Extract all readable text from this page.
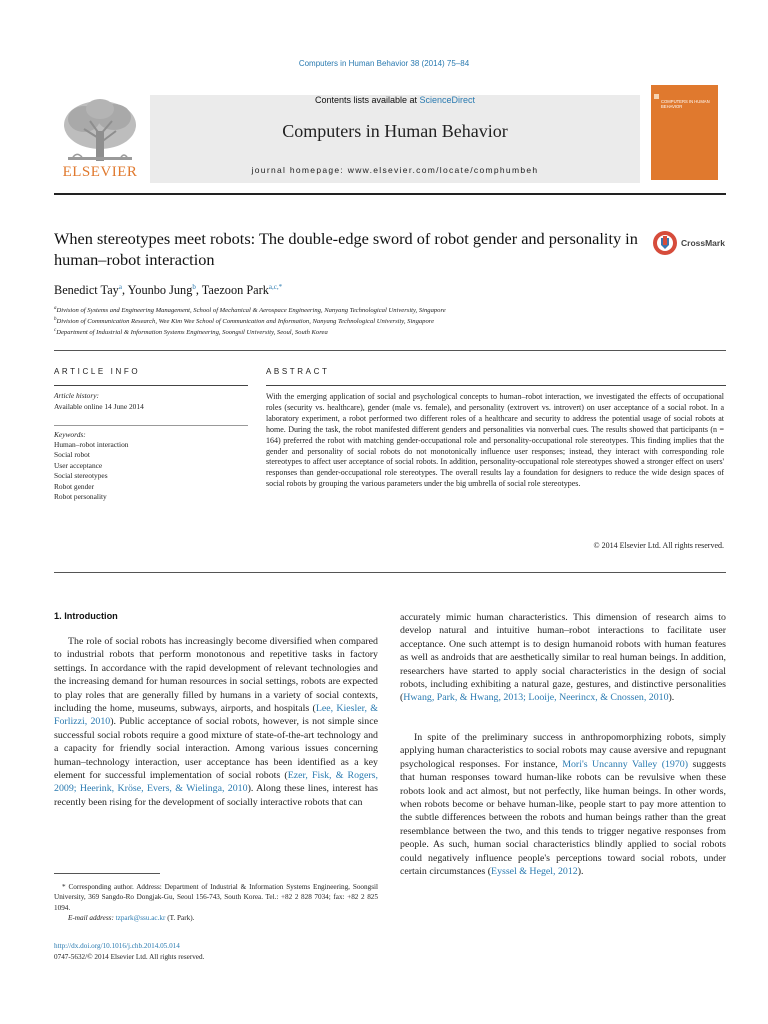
Computers in Human Behavior 38 (2014) 75–84
ELSEVIER
Contents lists available at ScienceDirect
Computers in Human Behavior
journal homepage: www.elsevier.com/locate/comphumbeh
COMPUTERS IN HUMAN BEHAVIOR
When stereotypes meet robots: The double-edge sword of robot gender and personality in human–robot interaction
CrossMark
Benedict Tay$^a$, Younbo Jung$^b$, Taezoon Park$^{a,c,*}$
$^a$Division of Systems and Engineering Management, School of Mechanical & Aerospace Engineering, Nanyang Technological University, Singapore
$^b$Division of Communication Research, Wee Kim Wee School of Communication and Information, Nanyang Technological University, Singapore
$^c$Department of Industrial & Information Systems Engineering, Soongsil University, Seoul, South Korea
ARTICLE INFO
Article history:
Available online 14 June 2014
Keywords:
Human–robot interaction
Social robot
User acceptance
Social stereotypes
Robot gender
Robot personality
ABSTRACT
With the emerging application of social and psychological concepts to human–robot interaction, we investigated the effects of occupational roles (security vs. healthcare), gender (male vs. female), and personality (extrovert vs. introvert) on user acceptance of a social robot. In a laboratory experiment, a robot performed two different roles of a healthcare and security to address the potential usage of social robots at home. During the task, the robot manifested different genders and personalities via nonverbal cues. The results showed that participants (n = 164) preferred the robot with matching gender-occupational role and personality-occupational role stereotypes. This finding implies that the gender and personality of social robots do not monotonically influence user responses; instead, they interact with corresponding role stereotypes to affect user acceptance of social robots. In addition, personality-occupational role stereotypes showed a stronger effect on users' responses than gender-occupational role stereotypes. The overall results lay a foundation for designers to reduce the wide design spaces of social robots by grouping the various parameters under the big umbrella of social role stereotypes.
© 2014 Elsevier Ltd. All rights reserved.
1. Introduction
The role of social robots has increasingly become diversified when compared to industrial robots that perform monotonous and repetitive tasks in factory settings. In accordance with the rapid development of relevant technologies and the increasing demand for human resources in social settings, robots are expected to play roles that are generally filled by humans in a variety of social contexts, including the home, museums, subways, airports, and hospitals (Lee, Kiesler, & Forlizzi, 2010). Public acceptance of social robots, however, is not simple since successful social robots require a good mixture of state-of-the-art technology and a capacity for friendly social interaction. Among various issues concerning human–technology interaction, user acceptance has been identified as a key element for successful implementation of social robots (Ezer, Fisk, & Rogers, 2009; Heerink, Kröse, Evers, & Wielinga, 2010). Along these lines, interest has recently been rising for the development of socially interactive robots that can
* Corresponding author. Address: Department of Industrial & Information Systems Engineering, Soongsil University, 369 Sangdo-Ro Dongjak-Gu, Seoul 156-743, South Korea. Tel.: +82 2 828 7034; fax: +82 2 825 1094.
E-mail address: tzpark@ssu.ac.kr (T. Park).
http://dx.doi.org/10.1016/j.chb.2014.05.014
0747-5632/© 2014 Elsevier Ltd. All rights reserved.
accurately mimic human characteristics. This dimension of research aims to develop natural and intuitive human–robot interactions to facilitate user acceptance. One such attempt is to design humanoid robots with human features as well as androids that are aesthetically similar to real human beings. In addition, researchers have started to apply social characteristics in the design of social robots, including exhibiting a natural gaze, gestures, and distinctive personalities (Hwang, Park, & Hwang, 2013; Looije, Neerincx, & Cnossen, 2010).
In spite of the preliminary success in anthropomorphizing robots, simply applying human characteristics to social robots may cause aversive and repugnant psychological responses. For instance, Mori's Uncanny Valley (1970) suggests that human responses toward human-like robots can be revulsive when these robots look and act almost, but not perfectly, like human beings. In other words, when robots become or behave human-like, people start to pay more attention to the subtle differences between the robots and human beings rather than the great resemblance between the two, and this tends to trigger negative responses from people. As such, human social characteristics blindly applied to social robots could negatively influence people's perceptions toward social robots, under certain circumstances (Eyssel & Hegel, 2012).
